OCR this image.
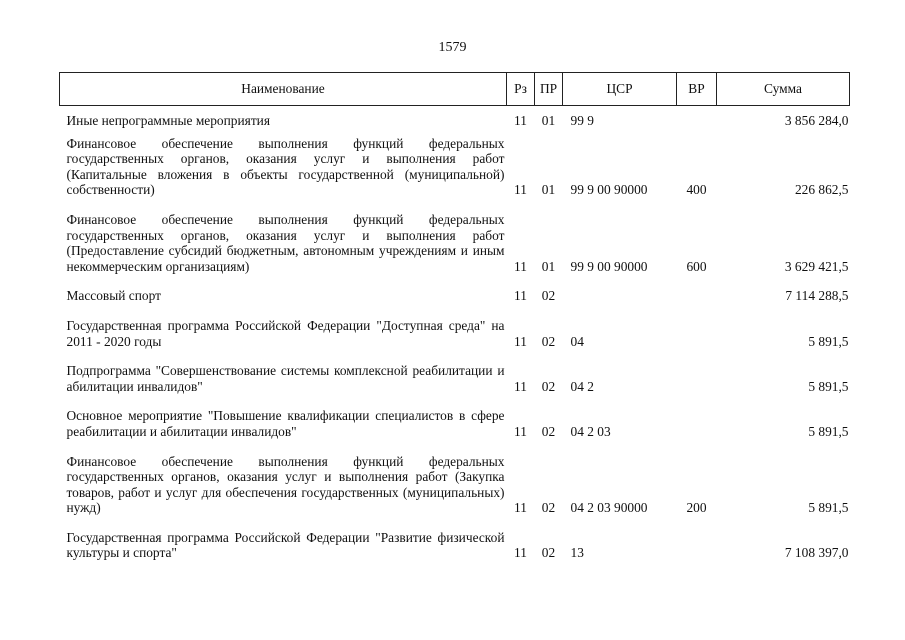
1579
Наименование	Рз	ПР	ЦСР	ВР	Сумма
Иные непрограммные мероприятия	11	01	99 9		3 856 284,0
Финансовое обеспечение выполнения функций федеральных государственных органов, оказания услуг и выполнения работ (Капитальные вложения в объекты государственной (муниципальной) собственности)	11	01	99 9 00 90000	400	226 862,5
Финансовое обеспечение выполнения функций федеральных государственных органов, оказания услуг и выполнения работ (Предоставление субсидий бюджетным, автономным учреждениям и иным некоммерческим организациям)	11	01	99 9 00 90000	600	3 629 421,5
Массовый спорт	11	02			7 114 288,5
Государственная программа Российской Федерации "Доступная среда" на 2011 - 2020 годы	11	02	04		5 891,5
Подпрограмма "Совершенствование системы комплексной реабилитации и абилитации инвалидов"	11	02	04 2		5 891,5
Основное мероприятие "Повышение квалификации специалистов в сфере реабилитации и абилитации инвалидов"	11	02	04 2 03		5 891,5
Финансовое обеспечение выполнения функций федеральных государственных органов, оказания услуг и выполнения работ (Закупка товаров, работ и услуг для обеспечения государственных (муниципальных) нужд)	11	02	04 2 03 90000	200	5 891,5
Государственная программа Российской Федерации "Развитие физической культуры и спорта"	11	02	13		7 108 397,0
